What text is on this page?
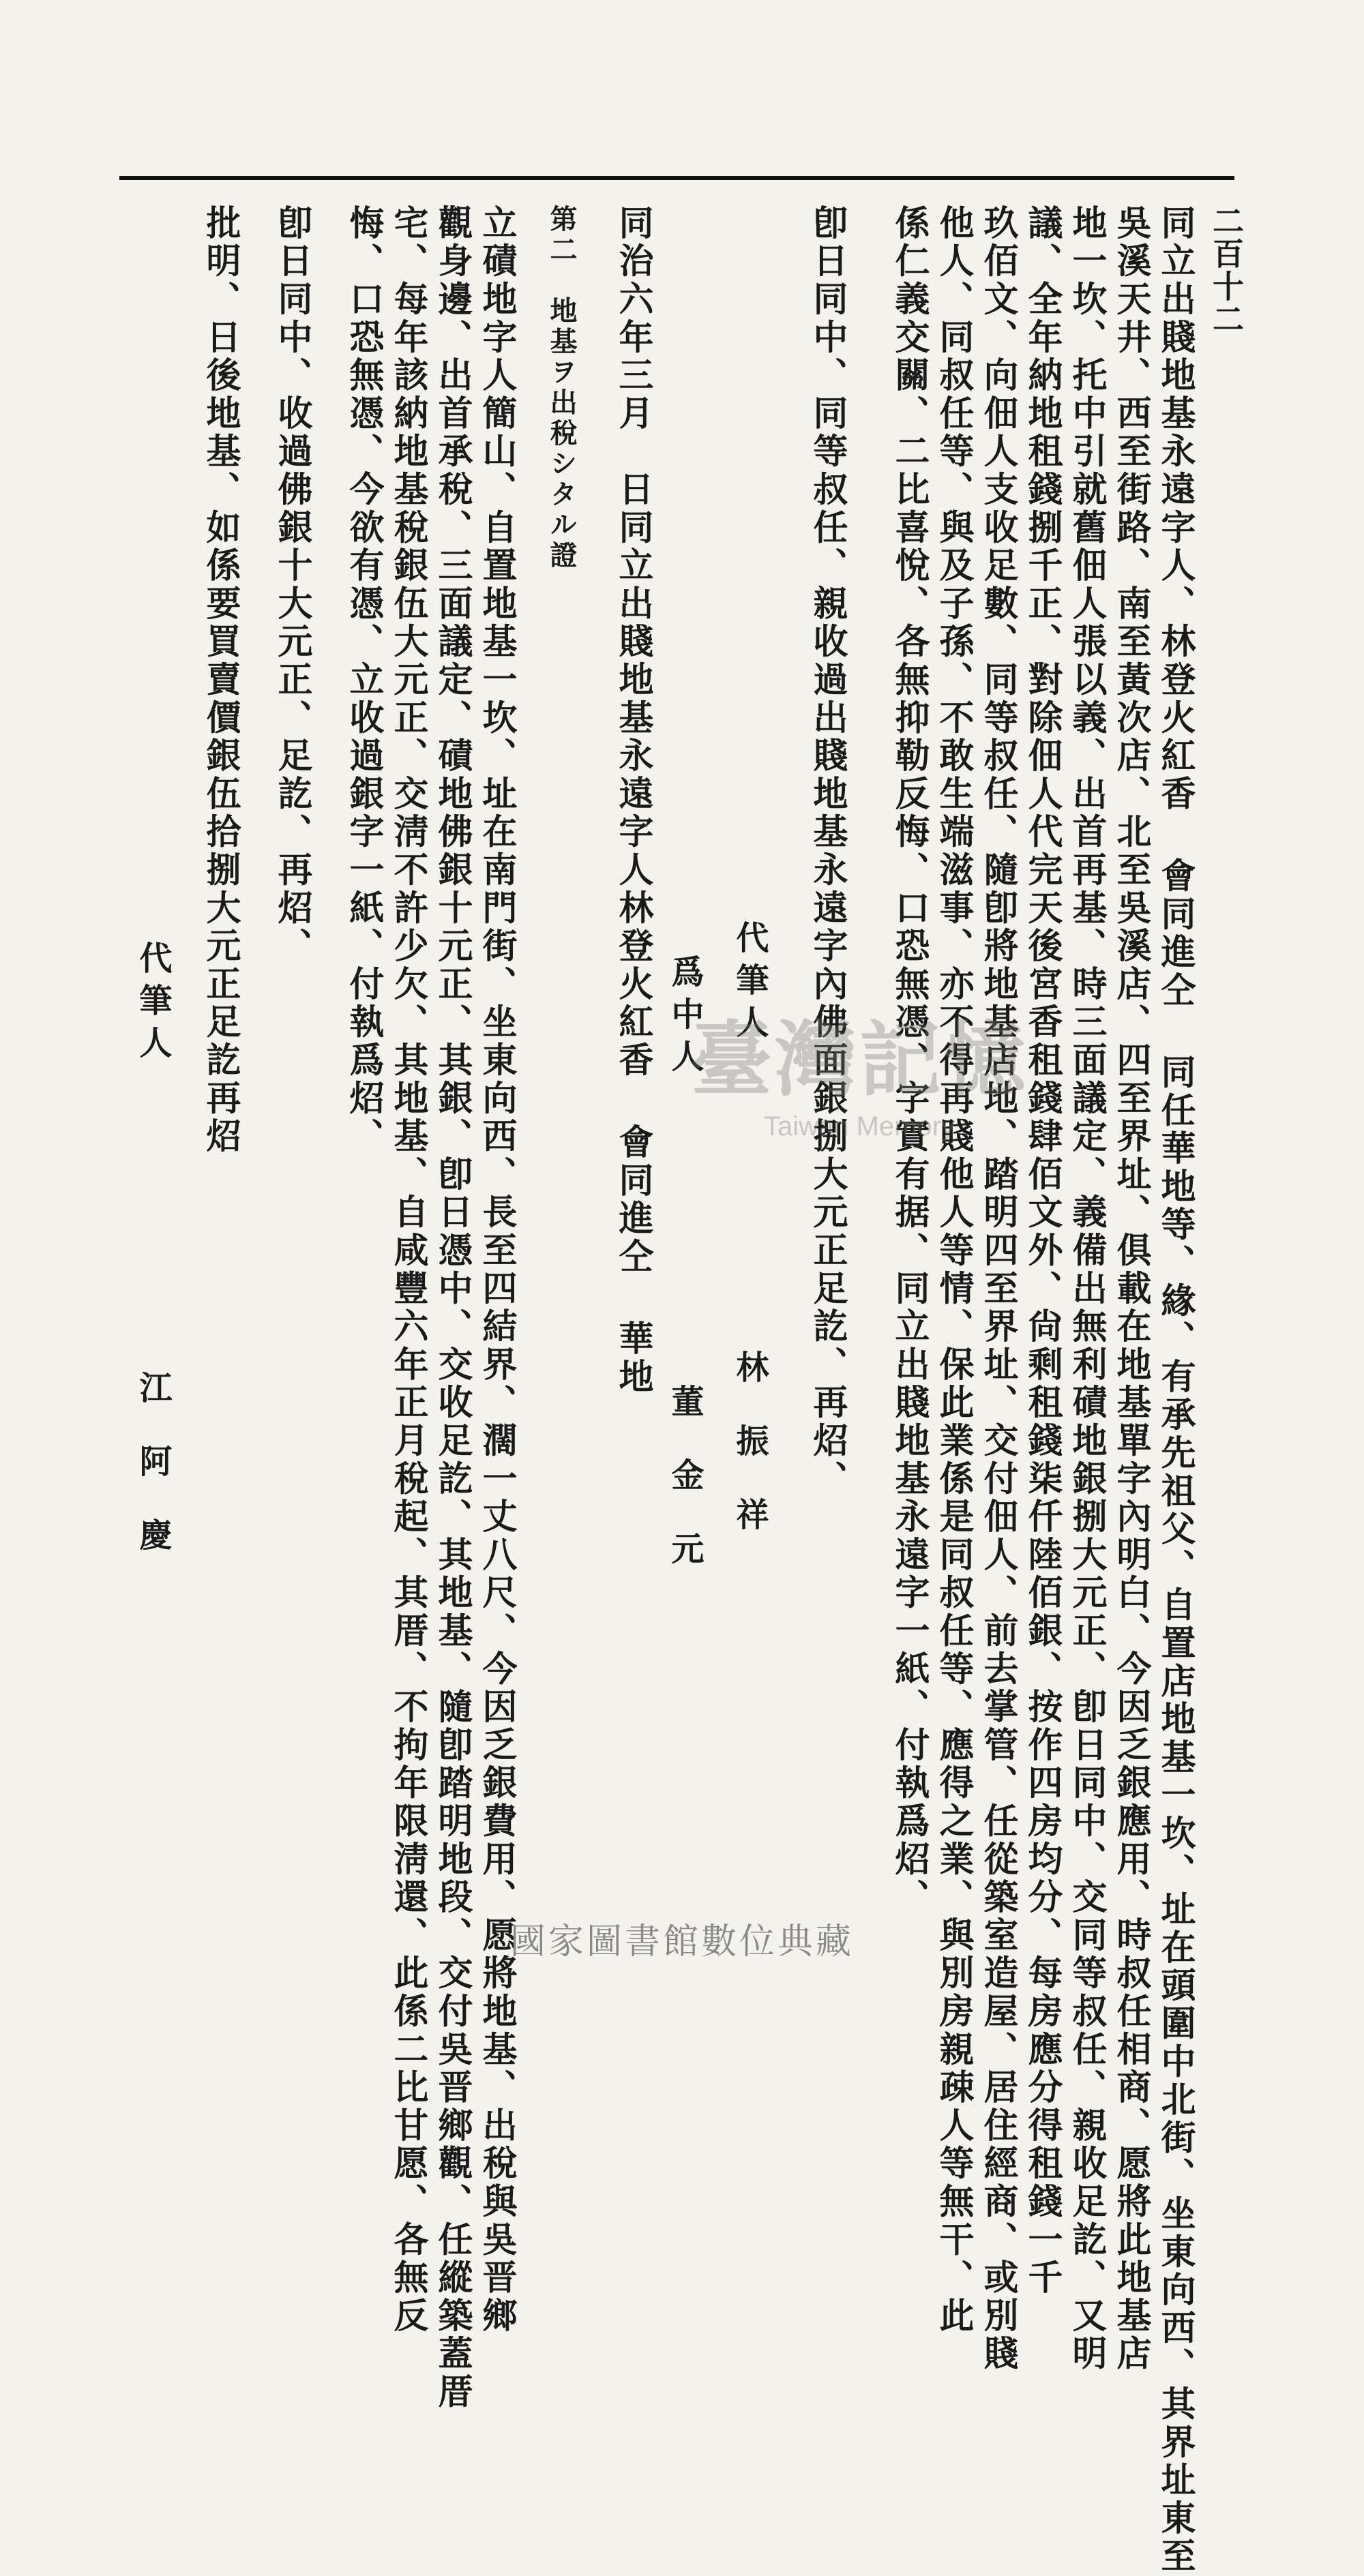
二百十二
同立出賤地基永遠字人、林登火紅香 會同進仝 同任華地等、緣、有承先祖父、自置店地基一坎、址在頭圍中北街、坐東向西、其界址東至
吳溪天井、西至街路、南至黃次店、北至吳溪店、四至界址、俱載在地基單字內明白、今因乏銀應用、時叔任相商、愿將此地基店
地一坎、托中引就舊佃人張以義、出首再基、時三面議定、義備出無利磧地銀捌大元正、卽日同中、交同等叔任、親收足訖、又明
議、全年納地租錢捌千正、對除佃人代完天後宮香租錢肆佰文外、尙剩租錢柒仟陸佰銀、按作四房均分、每房應分得租錢一千
玖佰文、向佃人支收足數、同等叔任、隨卽將地基店地、踏明四至界址、交付佃人、前去掌管、任從築室造屋、居住經商、或別賤
他人、同叔任等、與及子孫、不敢生端滋事、亦不得再賤他人等情、保此業係是同叔任等、應得之業、與別房親疎人等無干、此
係仁義交關、二比喜悅、各無抑勒反悔、口恐無憑、字實有据、同立出賤地基永遠字一紙、付執爲炤、
卽日同中、同等叔任、親收過出賤地基永遠字內佛面銀捌大元正足訖、再炤、
同治六年三月　日同立出賤地基永遠字人林登火紅香 會同進仝 華地
第二　地基ヲ出稅シタル證
立磧地字人簡山、自置地基一坎、址在南門街、坐東向西、長至四結界、濶一丈八尺、今因乏銀費用、愿將地基、出稅與吳晋鄉
觀身邊、出首承稅、三面議定、磧地佛銀十元正、其銀、卽日憑中、交收足訖、其地基、隨卽踏明地段、交付吳晋鄉觀、任縱築蓋厝
宅、每年該納地基稅銀伍大元正、交淸不許少欠、其地基、自咸豐六年正月稅起、其厝、不拘年限淸還、此係二比甘愿、各無反
悔、口恐無憑、今欲有憑、立收過銀字一紙、付執爲炤、
卽日同中、收過佛銀十大元正、足訖、再炤、
批明、日後地基、如係要買賣價銀伍拾捌大元正足訖再炤	代筆人
林振祥
爲中人
董金元
代筆人
江阿慶
臺灣記憶
Taiwan Memory
國家圖書館數位典藏
